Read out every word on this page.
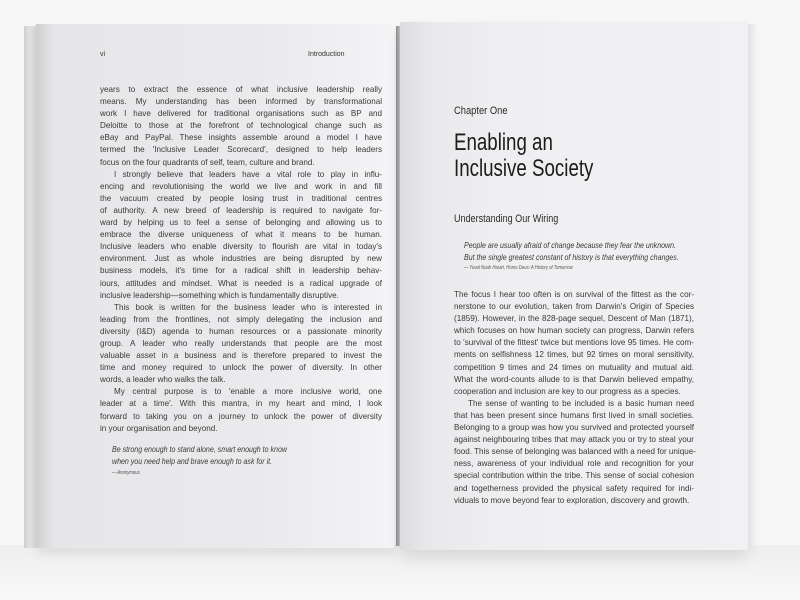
vi	Introduction

years to extract the essence of what inclusive leadership really
means. My understanding has been informed by transformational
work I have delivered for traditional organisations such as BP and
Deloitte to those at the forefront of technological change such as
eBay and PayPal. These insights assemble around a model I have
termed the 'Inclusive Leader Scorecard', designed to help leaders
focus on the four quadrants of self, team, culture and brand.

I strongly believe that leaders have a vital role to play in influ-
encing and revolutionising the world we live and work in and fill
the vacuum created by people losing trust in traditional centres
of authority. A new breed of leadership is required to navigate for-
ward by helping us to feel a sense of belonging and allowing us to
embrace the diverse uniqueness of what it means to be human.
Inclusive leaders who enable diversity to flourish are vital in today's
environment. Just as whole industries are being disrupted by new
business models, it's time for a radical shift in leadership behav-
iours, attitudes and mindset. What is needed is a radical upgrade of
inclusive leadership—something which is fundamentally disruptive.

This book is written for the business leader who is interested in
leading from the frontlines, not simply delegating the inclusion and
diversity (I&D) agenda to human resources or a passionate minority
group. A leader who really understands that people are the most
valuable asset in a business and is therefore prepared to invest the
time and money required to unlock the power of diversity. In other
words, a leader who walks the talk.

My central purpose is to 'enable a more inclusive world, one
leader at a time'. With this mantra, in my heart and mind, I look
forward to taking you on a journey to unlock the power of diversity
in your organisation and beyond.

Be strong enough to stand alone, smart enough to know
when you need help and brave enough to ask for it.
— Anonymous
Chapter One
Enabling an
Inclusive Society
Understanding Our Wiring
People are usually afraid of change because they fear the unknown.
But the single greatest constant of history is that everything changes.
— Yuval Noah Harari, Homo Deus: A History of Tomorrow

The focus I hear too often is on survival of the fittest as the cor-
nerstone to our evolution, taken from Darwin's Origin of Species
(1859). However, in the 828-page sequel, Descent of Man (1871),
which focuses on how human society can progress, Darwin refers
to 'survival of the fittest' twice but mentions love 95 times. He com-
ments on selfishness 12 times, but 92 times on moral sensitivity,
competition 9 times and 24 times on mutuality and mutual aid.
What the word-counts allude to is that Darwin believed empathy,
cooperation and inclusion are key to our progress as a species.

The sense of wanting to be included is a basic human need
that has been present since humans first lived in small societies.
Belonging to a group was how you survived and protected yourself
against neighbouring tribes that may attack you or try to steal your
food. This sense of belonging was balanced with a need for unique-
ness, awareness of your individual role and recognition for your
special contribution within the tribe. This sense of social cohesion
and togetherness provided the physical safety required for indi-
viduals to move beyond fear to exploration, discovery and growth.
